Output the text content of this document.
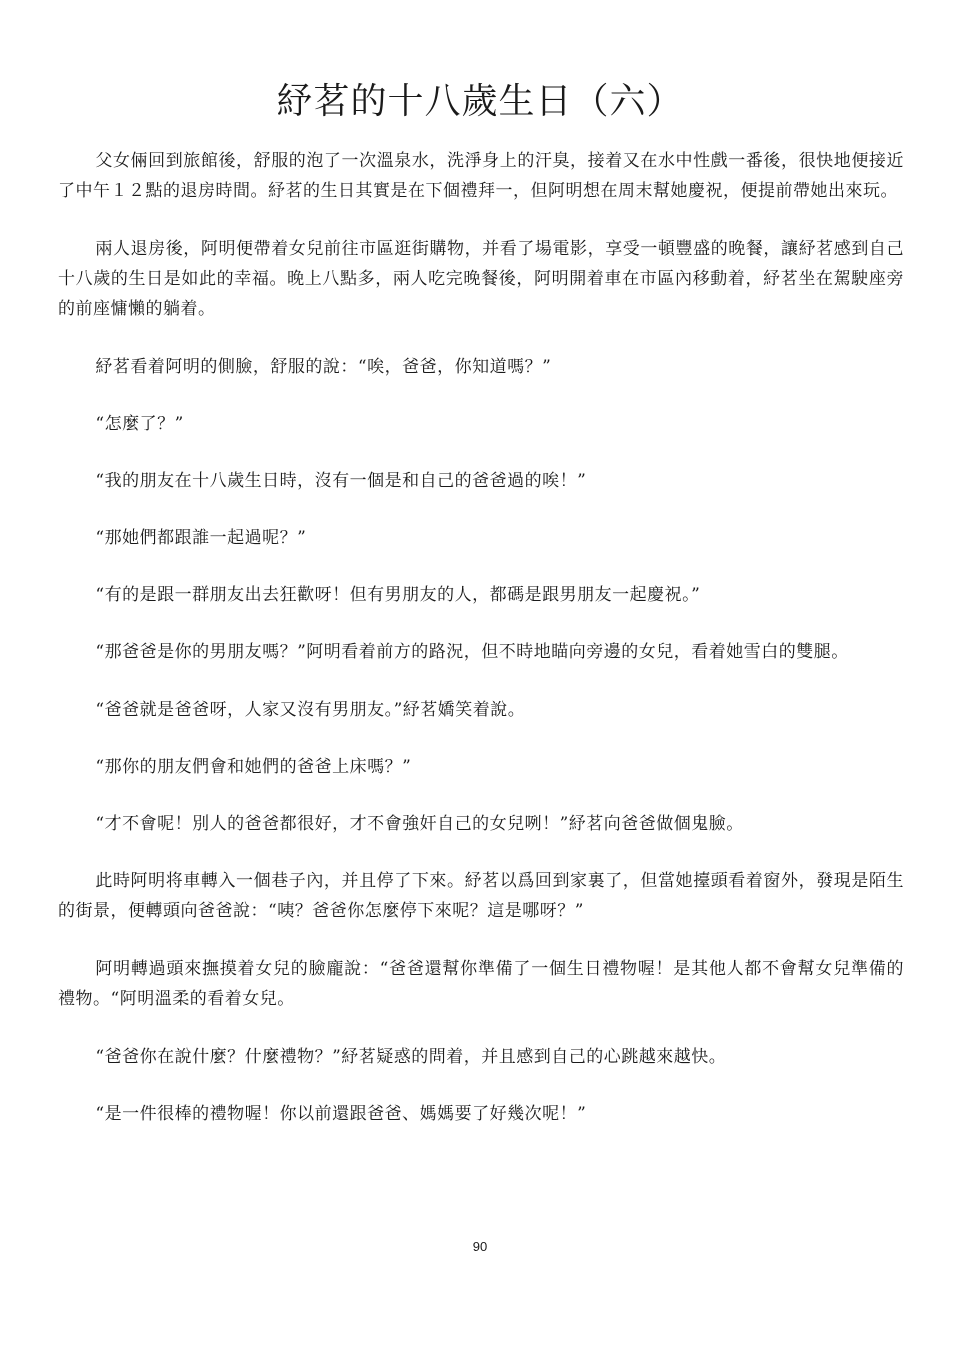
紓茗的十八歲生日（六）

父女倆回到旅館後，舒服的泡了一次溫泉水，洗淨身上的汗臭，接着又在水中性戲一番後，很快地便接近了中午１２點的退房時間。紓茗的生日其實是在下個禮拜一，但阿明想在周末幫她慶祝，便提前帶她出來玩。

兩人退房後，阿明便帶着女兒前往市區逛街購物，并看了場電影，享受一頓豐盛的晚餐，讓紓茗感到自己十八歲的生日是如此的幸福。晚上八點多，兩人吃完晚餐後，阿明開着車在市區內移動着，紓茗坐在駕駛座旁的前座慵懶的躺着。

紓茗看着阿明的側臉，舒服的說：“唉，爸爸，你知道嗎？”

“怎麼了？”

“我的朋友在十八歲生日時，沒有一個是和自己的爸爸過的唉！”

“那她們都跟誰一起過呢？”

“有的是跟一群朋友出去狂歡呀！但有男朋友的人，都碼是跟男朋友一起慶祝。”

“那爸爸是你的男朋友嗎？”阿明看着前方的路況，但不時地瞄向旁邊的女兒，看着她雪白的雙腿。

“爸爸就是爸爸呀，人家又沒有男朋友。”紓茗嬌笑着說。

“那你的朋友們會和她們的爸爸上床嗎？”

“才不會呢！別人的爸爸都很好，才不會強奸自己的女兒咧！”紓茗向爸爸做個鬼臉。

此時阿明将車轉入一個巷子內，并且停了下來。紓茗以爲回到家裏了，但當她擡頭看着窗外，發現是陌生的街景，便轉頭向爸爸說：“咦？爸爸你怎麼停下來呢？這是哪呀？”

阿明轉過頭來撫摸着女兒的臉龐說：“爸爸還幫你準備了一個生日禮物喔！是其他人都不會幫女兒準備的禮物。“阿明溫柔的看着女兒。

“爸爸你在說什麼？什麼禮物？”紓茗疑惑的問着，并且感到自己的心跳越來越快。

“是一件很棒的禮物喔！你以前還跟爸爸、媽媽要了好幾次呢！”

90
